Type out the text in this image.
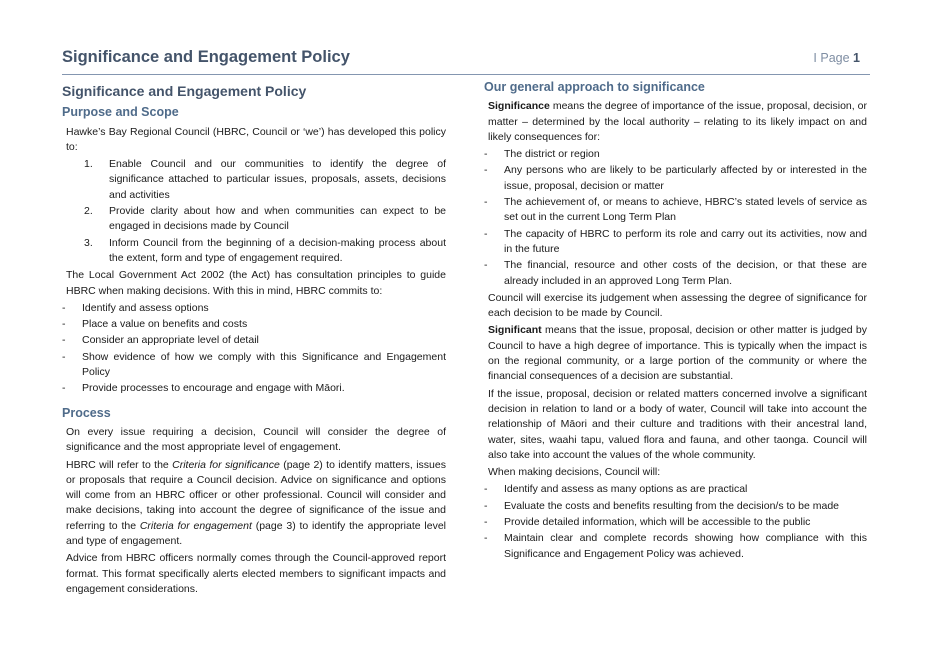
Significance and Engagement Policy	I Page 1
Significance and Engagement Policy
Purpose and Scope

Hawke’s Bay Regional Council (HBRC, Council or ‘we’) has developed this policy to:

1. Enable Council and our communities to identify the degree of significance attached to particular issues, proposals, assets, decisions and activities
2. Provide clarity about how and when communities can expect to be engaged in decisions made by Council
3. Inform Council from the beginning of a decision-making process about the extent, form and type of engagement required.

The Local Government Act 2002 (the Act) has consultation principles to guide HBRC when making decisions. With this in mind, HBRC commits to:

- Identify and assess options
- Place a value on benefits and costs
- Consider an appropriate level of detail
- Show evidence of how we comply with this Significance and Engagement Policy
- Provide processes to encourage and engage with Māori.
Process

On every issue requiring a decision, Council will consider the degree of significance and the most appropriate level of engagement.

HBRC will refer to the Criteria for significance (page 2) to identify matters, issues or proposals that require a Council decision. Advice on significance and options will come from an HBRC officer or other professional. Council will consider and make decisions, taking into account the degree of significance of the issue and referring to the Criteria for engagement (page 3) to identify the appropriate level and type of engagement.

Advice from HBRC officers normally comes through the Council-approved report format. This format specifically alerts elected members to significant impacts and engagement considerations.

Our general approach to significance

Significance means the degree of importance of the issue, proposal, decision, or matter – determined by the local authority – relating to its likely impact on and likely consequences for:

- The district or region
- Any persons who are likely to be particularly affected by or interested in the issue, proposal, decision or matter
- The achievement of, or means to achieve, HBRC’s stated levels of service as set out in the current Long Term Plan
- The capacity of HBRC to perform its role and carry out its activities, now and in the future
- The financial, resource and other costs of the decision, or that these are already included in an approved Long Term Plan.

Council will exercise its judgement when assessing the degree of significance for each decision to be made by Council.

Significant means that the issue, proposal, decision or other matter is judged by Council to have a high degree of importance. This is typically when the impact is on the regional community, or a large portion of the community or where the financial consequences of a decision are substantial.

If the issue, proposal, decision or related matters concerned involve a significant decision in relation to land or a body of water, Council will take into account the relationship of Māori and their culture and traditions with their ancestral land, water, sites, waahi tapu, valued flora and fauna, and other taonga. Council will also take into account the values of the whole community.

When making decisions, Council will:

- Identify and assess as many options as are practical
- Evaluate the costs and benefits resulting from the decision/s to be made
- Provide detailed information, which will be accessible to the public
- Maintain clear and complete records showing how compliance with this Significance and Engagement Policy was achieved.
